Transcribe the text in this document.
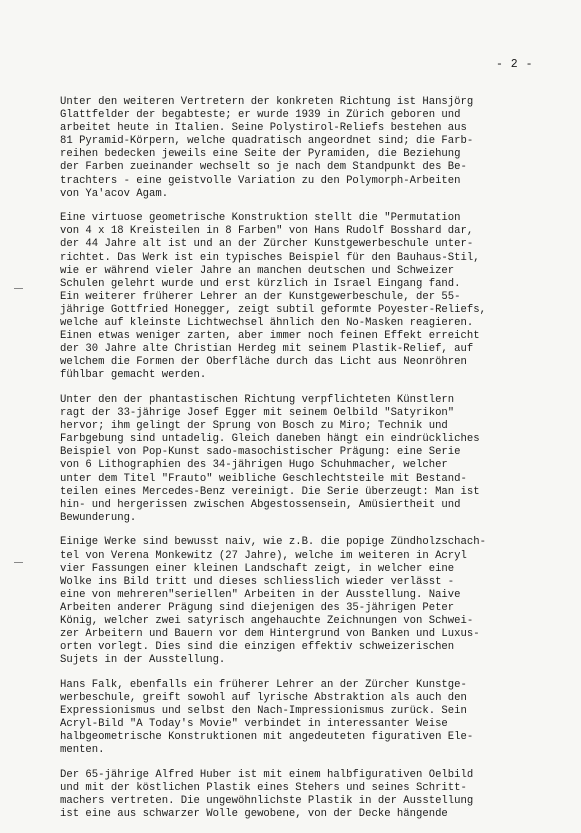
- 2 -
Unter den weiteren Vertretern der konkreten Richtung ist Hansjörg
Glattfelder der begabteste; er wurde 1939 in Zürich geboren und
arbeitet heute in Italien. Seine Polystirol-Reliefs bestehen aus
81 Pyramid-Körpern, welche quadratisch angeordnet sind; die Farb-
reihen bedecken jeweils eine Seite der Pyramiden, die Beziehung
der Farben zueinander wechselt so je nach dem Standpunkt des Be-
trachters - eine geistvolle Variation zu den Polymorph-Arbeiten
von Ya'acov Agam.
Eine virtuose geometrische Konstruktion stellt die "Permutation
von 4 x 18 Kreisteilen in 8 Farben" von Hans Rudolf Bosshard dar,
der 44 Jahre alt ist und an der Zürcher Kunstgewerbeschule unter-
richtet. Das Werk ist ein typisches Beispiel für den Bauhaus-Stil,
wie er während vieler Jahre an manchen deutschen und Schweizer
Schulen gelehrt wurde und erst kürzlich in Israel Eingang fand.
Ein weiterer früherer Lehrer an der Kunstgewerbeschule, der 55-
jährige Gottfried Honegger, zeigt subtil geformte Poyester-Reliefs,
welche auf kleinste Lichtwechsel ähnlich den No-Masken reagieren.
Einen etwas weniger zarten, aber immer noch feinen Effekt erreicht
der 30 Jahre alte Christian Herdeg mit seinem Plastik-Relief, auf
welchem die Formen der Oberfläche durch das Licht aus Neonröhren
fühlbar gemacht werden.
Unter den der phantastischen Richtung verpflichteten Künstlern
ragt der 33-jährige Josef Egger mit seinem Oelbild "Satyrikon"
hervor; ihm gelingt der Sprung von Bosch zu Miro; Technik und
Farbgebung sind untadelig. Gleich daneben hängt ein eindrückliches
Beispiel von Pop-Kunst sado-masochistischer Prägung: eine Serie
von 6 Lithographien des 34-jährigen Hugo Schuhmacher, welcher
unter dem Titel "Frauto" weibliche Geschlechtsteile mit Bestand-
teilen eines Mercedes-Benz vereinigt. Die Serie überzeugt: Man ist
hin- und hergerissen zwischen Abgestossensein, Amüsiertheit und
Bewunderung.
Einige Werke sind bewusst naiv, wie z.B. die popige Zündholzschach-
tel von Verena Monkewitz (27 Jahre), welche im weiteren in Acryl
vier Fassungen einer kleinen Landschaft zeigt, in welcher eine
Wolke ins Bild tritt und dieses schliesslich wieder verlässt -
eine von mehreren"seriellen" Arbeiten in der Ausstellung. Naive
Arbeiten anderer Prägung sind diejenigen des 35-jährigen Peter
König, welcher zwei satyrisch angehauchte Zeichnungen von Schwei-
zer Arbeitern und Bauern vor dem Hintergrund von Banken und Luxus-
orten vorlegt. Dies sind die einzigen effektiv schweizerischen
Sujets in der Ausstellung.
Hans Falk, ebenfalls ein früherer Lehrer an der Zürcher Kunstge-
werbeschule, greift sowohl auf lyrische Abstraktion als auch den
Expressionismus und selbst den Nach-Impressionismus zurück. Sein
Acryl-Bild "A Today's Movie" verbindet in interessanter Weise
halbgeometrische Konstruktionen mit angedeuteten figurativen Ele-
menten.
Der 65-jährige Alfred Huber ist mit einem halbfigurativen Oelbild
und mit der köstlichen Plastik eines Stehers und seines Schritt-
machers vertreten. Die ungewöhnlichste Plastik in der Ausstellung
ist eine aus schwarzer Wolle gewobene, von der Decke hängende
